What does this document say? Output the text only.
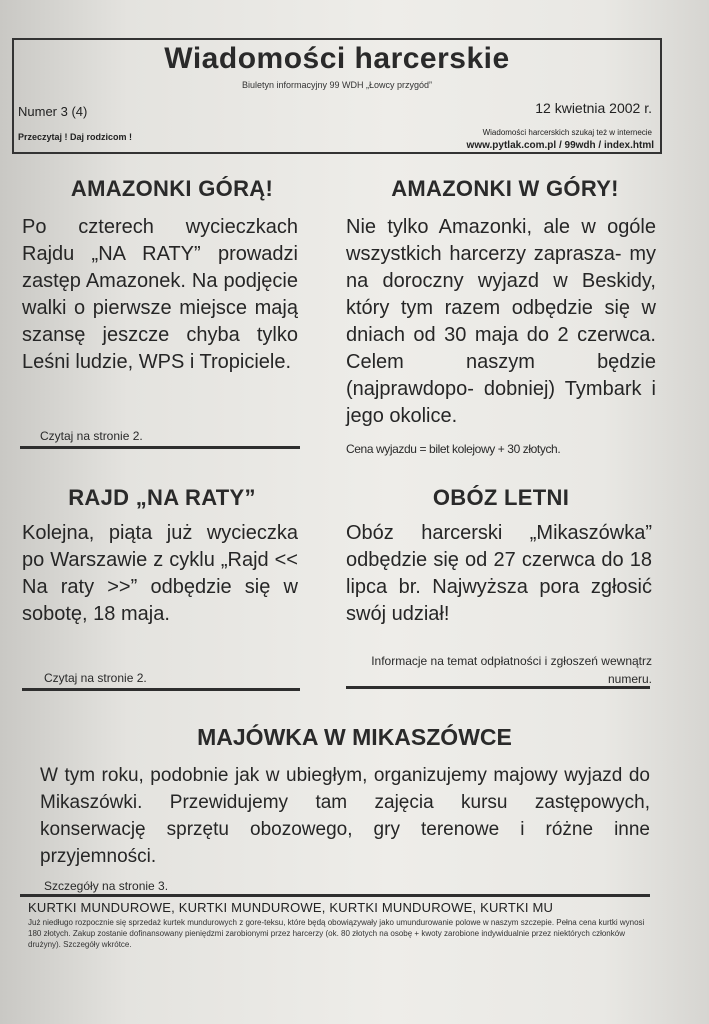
Wiadomości harcerskie
Biuletyn informacyjny 99 WDH „Łowcy przygód”
Numer 3 (4)	12 kwietnia 2002 r.
Przeczytaj ! Daj rodzicom !	Wiadomości harcerskich szukaj też w internecie
www.pytlak.com.pl / 99wdh / index.html
AMAZONKI GÓRĄ!
Po czterech wycieczkach Rajdu „NA RATY” prowadzi zastęp Amazonek. Na podjęcie walki o pierwsze miejsce mają szansę jeszcze chyba tylko Leśni ludzie, WPS i Tropiciele.
Czytaj na stronie 2.
AMAZONKI W GÓRY!
Nie tylko Amazonki, ale w ogóle wszystkich harcerzy zaprasza- my na doroczny wyjazd w Beskidy, który tym razem odbędzie się w dniach od 30 maja do 2 czerwca. Celem naszym będzie (najprawdopo- dobniej) Tymbark i jego okolice.
Cena wyjazdu = bilet kolejowy + 30 złotych.
RAJD „NA RATY”
Kolejna, piąta już wycieczka po Warszawie z cyklu „Rajd << Na raty >>” odbędzie się w sobotę, 18 maja.
Czytaj na stronie 2.
OBÓZ LETNI
Obóz harcerski „Mikaszówka” odbędzie się od 27 czerwca do 18 lipca br. Najwyższa pora zgłosić swój udział!
Informacje na temat odpłatności i zgłoszeń wewnątrz numeru.
MAJÓWKA W MIKASZÓWCE
W tym roku, podobnie jak w ubiegłym, organizujemy majowy wyjazd do Mikaszówki. Przewidujemy tam zajęcia kursu zastępowych, konserwację sprzętu obozowego, gry terenowe i różne inne przyjemności.
Szczegóły na stronie 3.
KURTKI MUNDUROWE, KURTKI MUNDUROWE, KURTKI MUNDUROWE, KURTKI MU
Już niedługo rozpocznie się sprzedaż kurtek mundurowych z gore-teksu, które będą obowiązywały jako umundurowanie polowe w naszym szczepie. Pełna cena kurtki wynosi 180 złotych. Zakup zostanie dofinansowany pieniędzmi zarobionymi przez harcerzy (ok. 80 złotych na osobę + kwoty zarobione indywidualnie przez niektórych członków drużyny). Szczegóły wkrótce.
